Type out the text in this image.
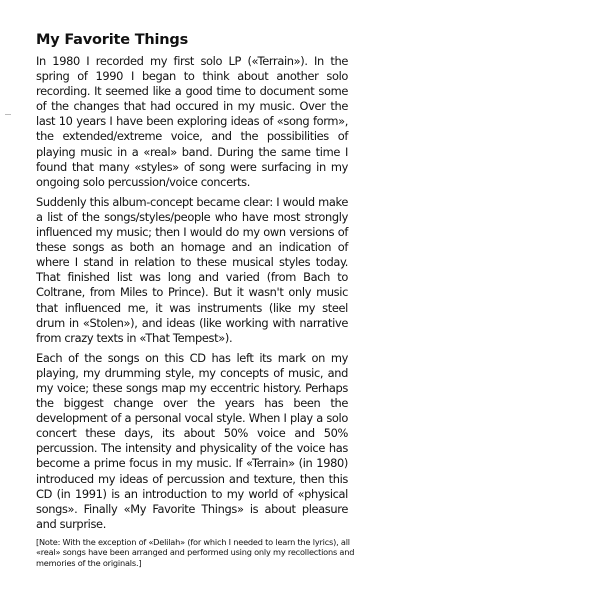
My Favorite Things

In 1980 I recorded my first solo LP («Terrain»). In the spring of 1990 I began to think about another solo recording. It seemed like a good time to document some of the changes that had occured in my music. Over the last 10 years I have been exploring ideas of «song form», the extended/extreme voice, and the possibilities of playing music in a «real» band. During the same time I found that many «styles» of song were surfacing in my ongoing solo percussion/voice concerts.

Suddenly this album-concept became clear: I would make a list of the songs/styles/people who have most strongly influenced my music; then I would do my own versions of these songs as both an homage and an indication of where I stand in relation to these musical styles today. That finished list was long and varied (from Bach to Coltrane, from Miles to Prince). But it wasn't only music that influenced me, it was instruments (like my steel drum in «Stolen»), and ideas (like working with narrative from crazy texts in «That Tempest»).

Each of the songs on this CD has left its mark on my playing, my drumming style, my concepts of music, and my voice; these songs map my eccentric history. Perhaps the biggest change over the years has been the development of a personal vocal style. When I play a solo concert these days, its about 50% voice and 50% percussion. The intensity and physicality of the voice has become a prime focus in my music. If «Terrain» (in 1980) introduced my ideas of percussion and texture, then this CD (in 1991) is an introduction to my world of «physical songs». Finally «My Favorite Things» is about pleasure and surprise.

[Note: With the exception of «Delilah» (for which I needed to learn the lyrics), all «real» songs have been arranged and performed using only my recollections and memories of the originals.]
